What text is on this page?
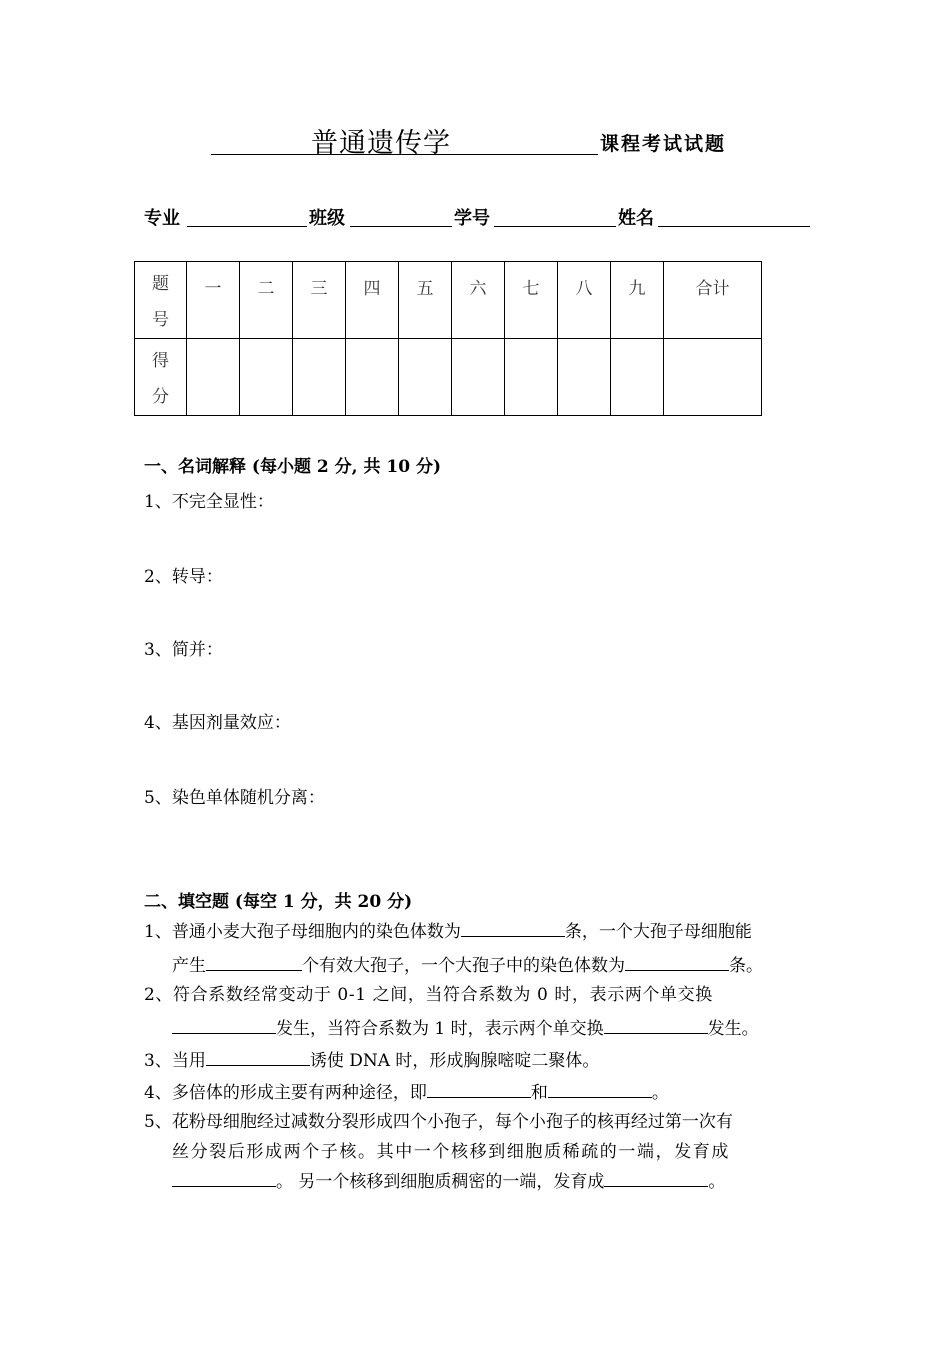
普通遗传学	课程考试试题
专业	班级	学号	姓名
题
号	一	二	三	四	五	六	七	八	九	合计

得
分										

一、名词解释 (每小题 2 分, 共 10 分)
1、不完全显性：
2、转导：
3、简并：
4、基因剂量效应：
5、染色单体随机分离：
二、填空题 (每空 1 分，共 20 分)
1、普通小麦大孢子母细胞内的染色体数为	条，一个大孢子母细胞能
产生	个有效大孢子，一个大孢子中的染色体数为	条。
2、符合系数经常变动于 0-1 之间，当符合系数为 0 时，表示两个单交换
发生，当符合系数为 1 时，表示两个单交换	发生。
3、当用	诱使 DNA 时，形成胸腺嘧啶二聚体。
4、多倍体的形成主要有两种途径，即	和	。
5、花粉母细胞经过减数分裂形成四个小孢子，每个小孢子的核再经过第一次有
丝分裂后形成两个子核。其中一个核移到细胞质稀疏的一端，发育成
。 另一个核移到细胞质稠密的一端，发育成	。
